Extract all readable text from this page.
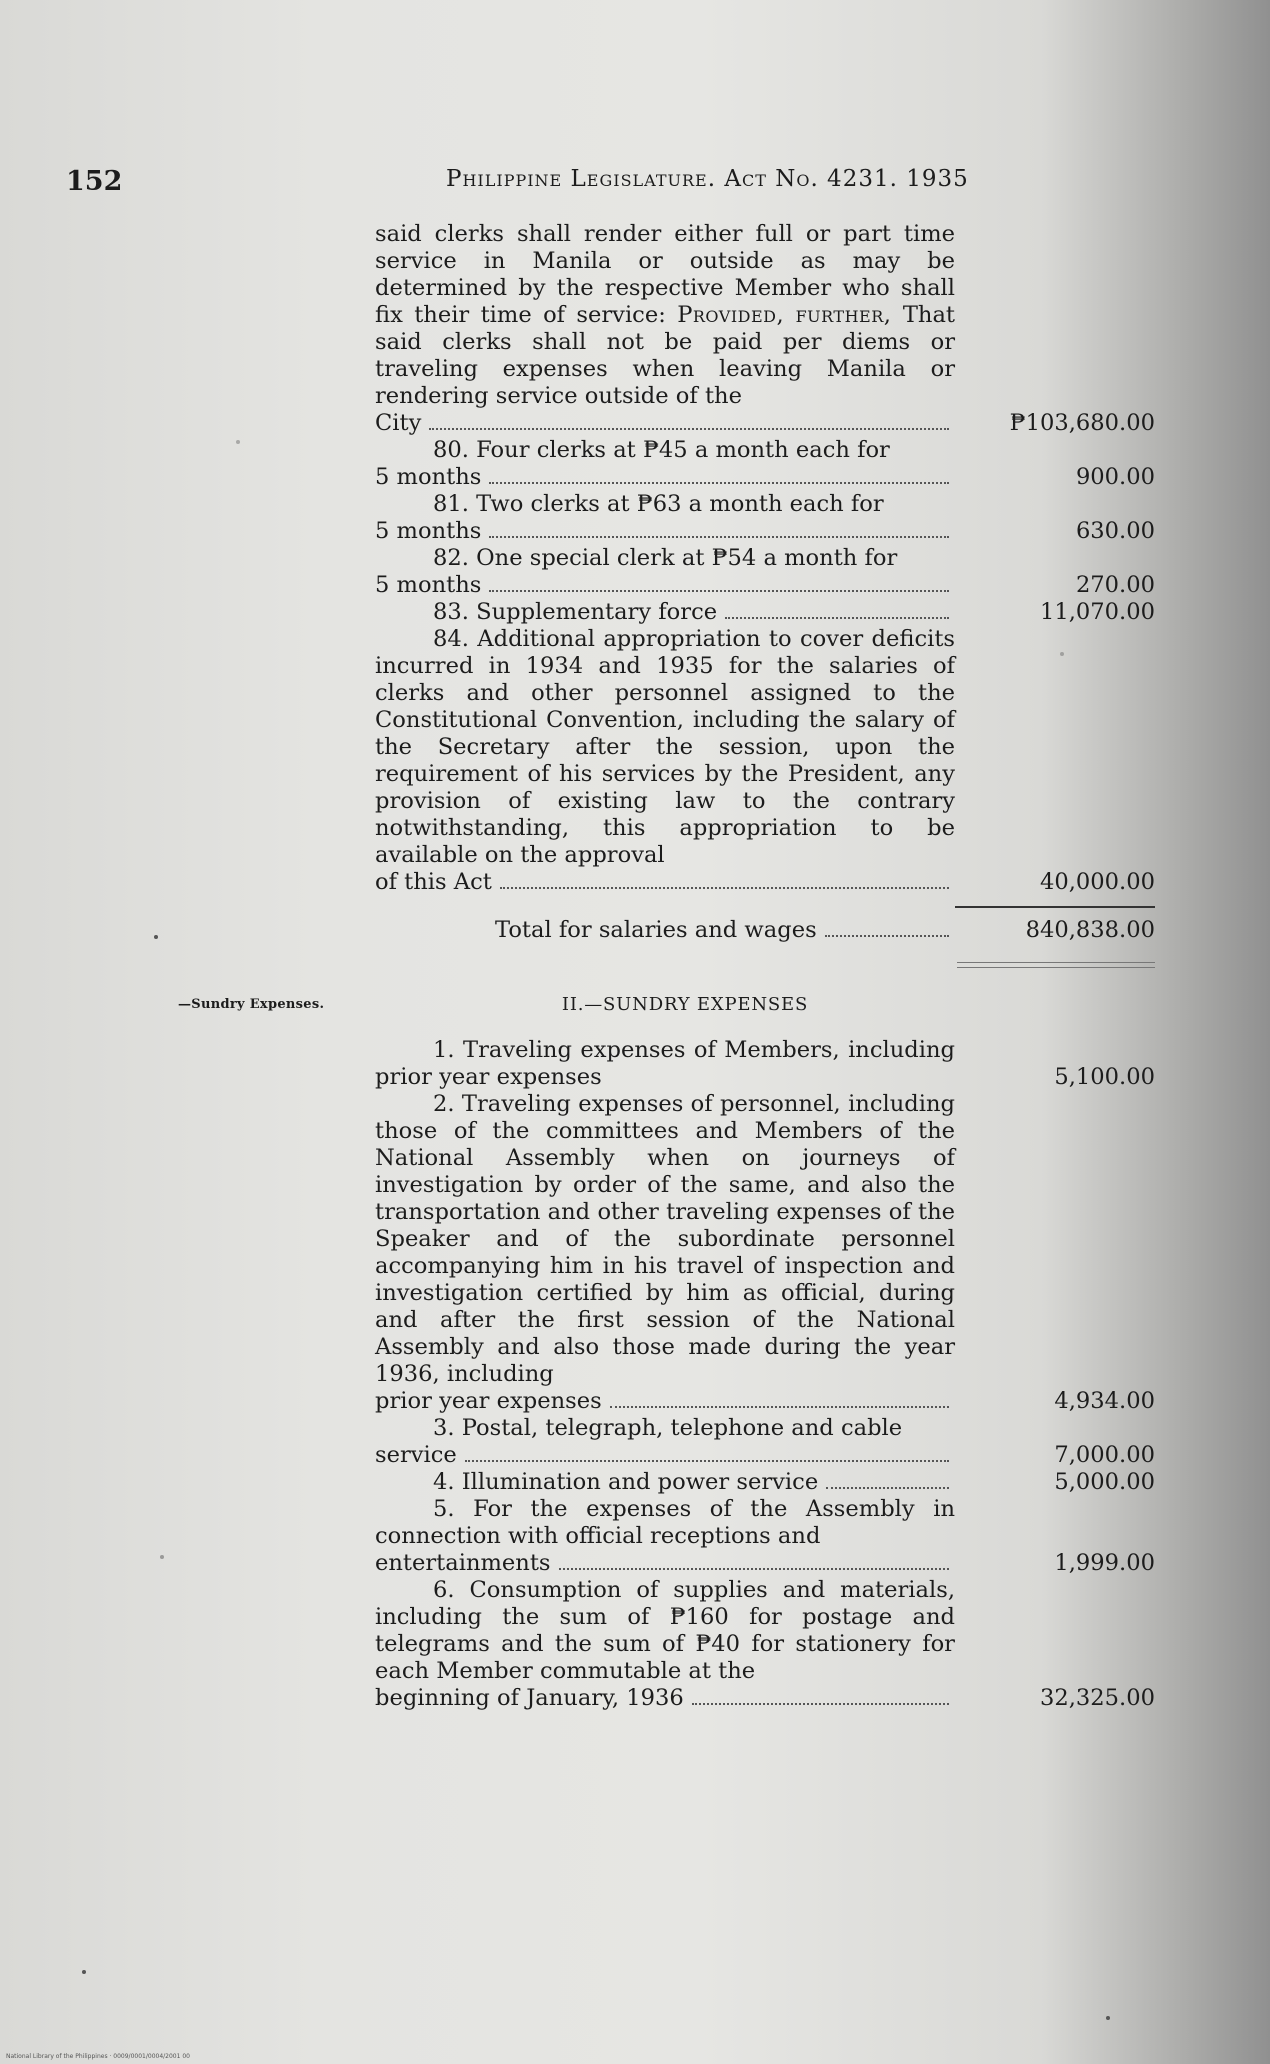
152	Philippine Legislature. Act No. 4231. 1935
—Sundry Expenses.
said clerks shall render either full or part time service in Manila or outside as may be determined by the respective Member who shall fix their time of service: Provided, further, That said clerks shall not be paid per diems or traveling expenses when leaving Manila or rendering service outside of the
City	₱103,680.00
80. Four clerks at ₱45 a month each for
5 months	900.00
81. Two clerks at ₱63 a month each for
5 months	630.00
82. One special clerk at ₱54 a month for
5 months	270.00
83. Supplementary force	11,070.00
84. Additional appropriation to cover deficits incurred in 1934 and 1935 for the salaries of clerks and other personnel assigned to the Constitutional Convention, including the salary of the Secretary after the session, upon the requirement of his services by the President, any provision of existing law to the contrary notwithstanding, this appropriation to be available on the approval
of this Act	40,000.00
Total for salaries and wages	840,838.00
II.—SUNDRY EXPENSES
1. Traveling expenses of Members, including prior year expenses	5,100.00
2. Traveling expenses of personnel, including those of the committees and Members of the National Assembly when on journeys of investigation by order of the same, and also the transportation and other traveling expenses of the Speaker and of the subordinate personnel accompanying him in his travel of inspection and investigation certified by him as official, during and after the first session of the National Assembly and also those made during the year 1936, including
prior year expenses	4,934.00
3. Postal, telegraph, telephone and cable
service	7,000.00
4. Illumination and power service	5,000.00
5. For the expenses of the Assembly in connection with official receptions and
entertainments	1,999.00
6. Consumption of supplies and materials, including the sum of ₱160 for postage and telegrams and the sum of ₱40 for stationery for each Member commutable at the
beginning of January, 1936	32,325.00
National Library of the Philippines · 0009/0001/0004/2001 00
